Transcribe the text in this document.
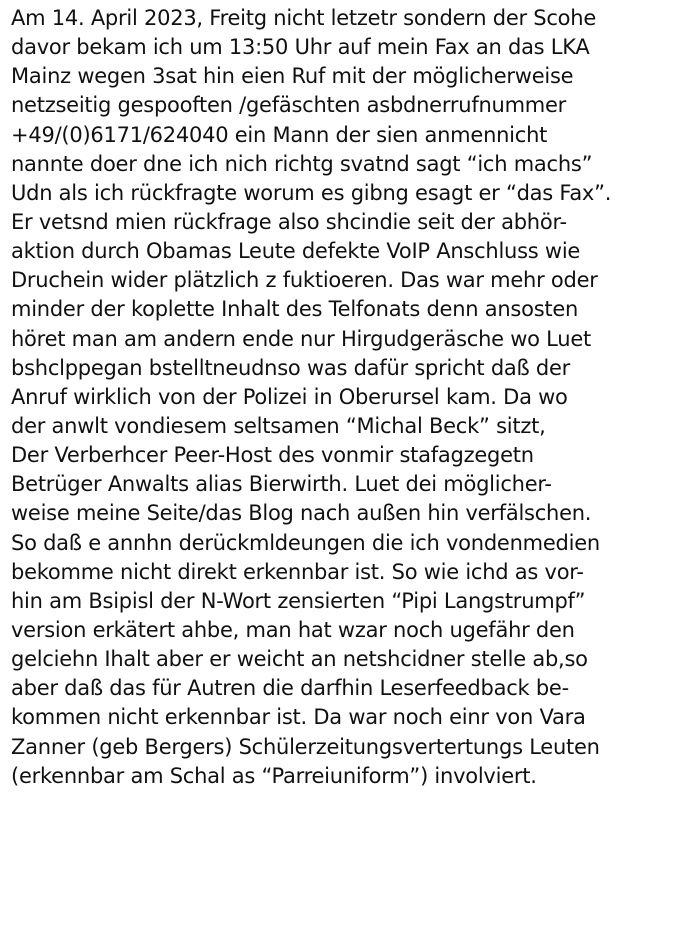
Am 14. April 2023, Freitg nicht letzetr sondern der Scohe
davor bekam ich um 13:50 Uhr auf mein Fax an das LKA
Mainz wegen 3sat hin eien Ruf mit der möglicherweise
netzseitig gespooften /gefäschten asbdnerrufnummer
+49/(0)6171/624040 ein Mann der sien anmennicht
nannte doer dne ich nich richtg svatnd sagt “ich machs”
Udn als ich rückfragte worum es gibng esagt er “das Fax”.
Er vetsnd mien rückfrage also shcindie seit der abhör-
aktion durch Obamas Leute defekte VoIP Anschluss wie
Druchein wider plätzlich z fuktioeren. Das war mehr oder
minder der koplette Inhalt des Telfonats denn ansosten
höret man am andern ende nur Hirgudgeräsche wo Luet
bshclppegan bstelltneudnso was dafür spricht daß der
Anruf wirklich von der Polizei in Oberursel kam. Da wo
der anwlt vondiesem seltsamen “Michal Beck” sitzt,
Der Verberhcer Peer-Host des vonmir stafagzegetn
Betrüger Anwalts alias Bierwirth. Luet dei möglicher-
weise meine Seite/das Blog nach außen hin verfälschen.
So daß e annhn derückmldeungen die ich vondenmedien
bekomme nicht direkt erkennbar ist. So wie ichd as vor-
hin am Bsipisl der N-Wort zensierten “Pipi Langstrumpf”
version erkätert ahbe, man hat wzar noch ugefähr den
gelciehn Ihalt aber er weicht an netshcidner stelle ab,so
aber daß das für Autren die darfhin Leserfeedback be-
kommen nicht erkennbar ist. Da war noch einr von Vara
Zanner (geb Bergers) Schülerzeitungsvertertungs Leuten
(erkennbar am Schal as “Parreiuniform”) involviert.
